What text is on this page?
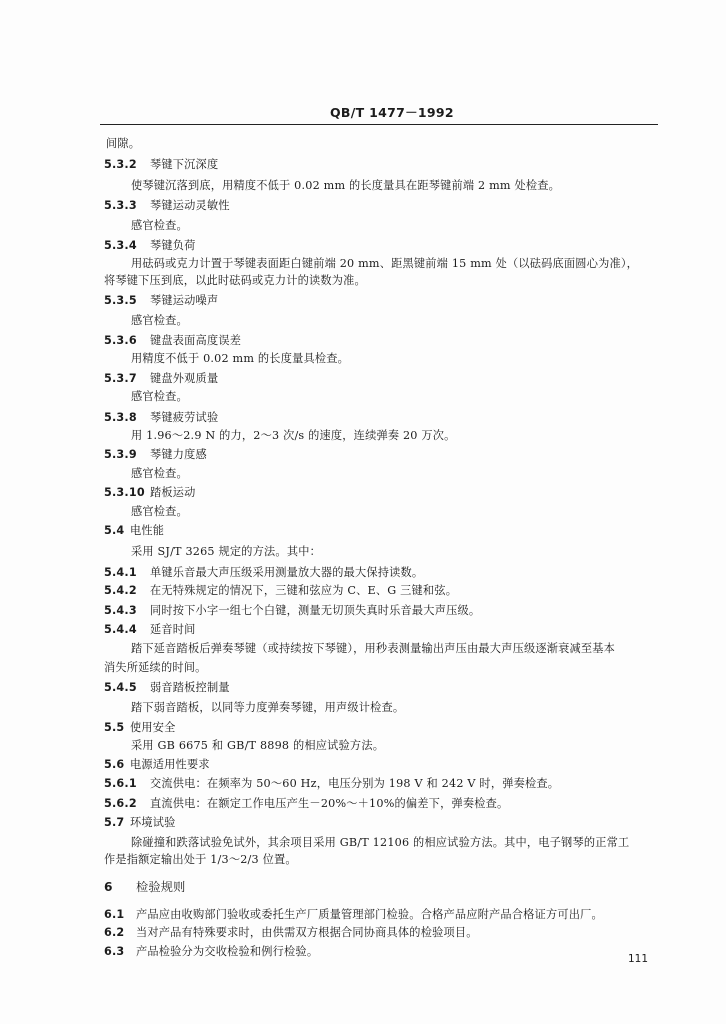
QB/T 1477－1992
间隙。
5.3.2 琴键下沉深度
使琴键沉落到底，用精度不低于 0.02 mm 的长度量具在距琴键前端 2 mm 处检查。
5.3.3 琴键运动灵敏性
感官检查。
5.3.4 琴键负荷
用砝码或克力计置于琴键表面距白键前端 20 mm、距黑键前端 15 mm 处（以砝码底面圆心为准），
将琴键下压到底，以此时砝码或克力计的读数为准。
5.3.5 琴键运动噪声
感官检查。
5.3.6 键盘表面高度误差
用精度不低于 0.02 mm 的长度量具检查。
5.3.7 键盘外观质量
感官检查。
5.3.8 琴键疲劳试验
用 1.96～2.9 N 的力，2～3 次/s 的速度，连续弹奏 20 万次。
5.3.9 琴键力度感
感官检查。
5.3.10 踏板运动
感官检查。
5.4 电性能
采用 SJ/T 3265 规定的方法。其中：
5.4.1 单键乐音最大声压级采用测量放大器的最大保持读数。
5.4.2 在无特殊规定的情况下，三键和弦应为 C、E、G 三键和弦。
5.4.3 同时按下小字一组七个白键，测量无切顶失真时乐音最大声压级。
5.4.4 延音时间
踏下延音踏板后弹奏琴键（或持续按下琴键），用秒表测量输出声压由最大声压级逐渐衰减至基本
消失所延续的时间。
5.4.5 弱音踏板控制量
踏下弱音踏板，以同等力度弹奏琴键，用声级计检查。
5.5 使用安全
采用 GB 6675 和 GB/T 8898 的相应试验方法。
5.6 电源适用性要求
5.6.1 交流供电：在频率为 50～60 Hz，电压分别为 198 V 和 242 V 时，弹奏检查。
5.6.2 直流供电：在额定工作电压产生－20%～＋10%的偏差下，弹奏检查。
5.7 环境试验
除碰撞和跌落试验免试外，其余项目采用 GB/T 12106 的相应试验方法。其中，电子钢琴的正常工
作是指额定输出处于 1/3～2/3 位置。
6 检验规则
6.1 产品应由收购部门验收或委托生产厂质量管理部门检验。合格产品应附产品合格证方可出厂。
6.2 当对产品有特殊要求时，由供需双方根据合同协商具体的检验项目。
6.3 产品检验分为交收检验和例行检验。
111
